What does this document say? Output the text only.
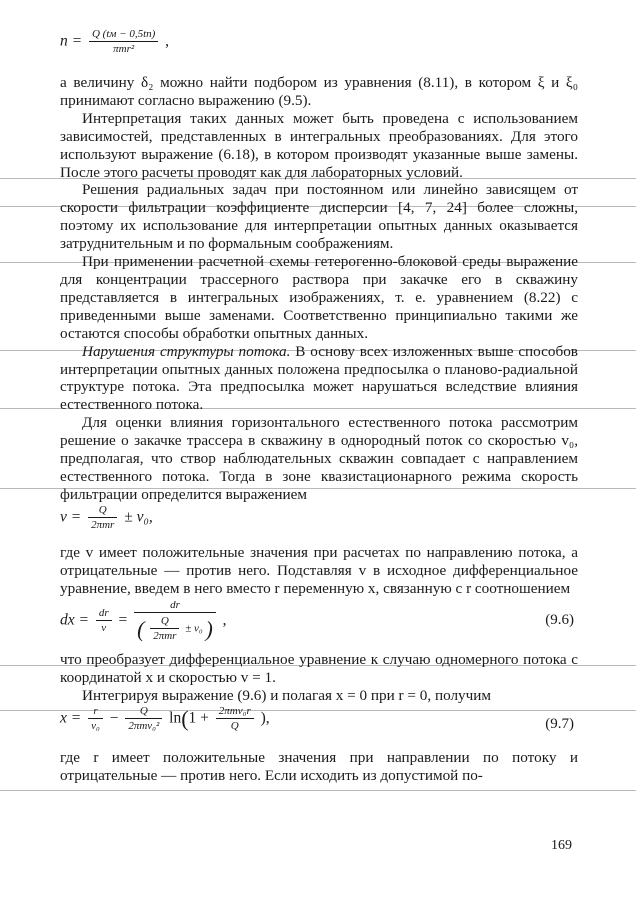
$n = \frac{Q (tм - 0,5tп)}{\text{πmr²}}$ ,

а величину δ₂ можно найти подбором из уравнения (8.11), в котором ξ и ξ₀ принимают согласно выражению (9.5).

Интерпретация таких данных может быть проведена с использованием зависимостей, представленных в интегральных преобразованиях. Для этого используют выражение (6.18), в котором производят указанные выше замены. После этого расчеты проводят как для лабораторных условий.

Решения радиальных задач при постоянном или линейно зависящем от скорости фильтрации коэффициенте дисперсии [4, 7, 24] более сложны, поэтому их использование для интерпретации опытных данных оказывается затруднительным и по формальным соображениям.

При применении расчетной схемы гетерогенно-блоковой среды выражение для концентрации трассерного раствора при закачке его в скважину представляется в интегральных изображениях, т. е. уравнением (8.22) с приведенными выше заменами. Соответственно принципиально такими же остаются способы обработки опытных данных.

Нарушения структуры потока. В основу всех изложенных выше способов интерпретации опытных данных положена предпосылка о планово-радиальной структуре потока. Эта предпосылка может нарушаться вследствие влияния естественного потока.

Для оценки влияния горизонтального естественного потока рассмотрим решение о закачке трассера в скважину в однородный поток со скоростью v₀, предполагая, что створ наблюдательных скважин совпадает с направлением естественного потока. Тогда в зоне квазистационарного режима скорость фильтрации определится выражением

$v = \frac{Q}{\text{2πmr}} \pm v_0$,

где v имеет положительные значения при расчетах по направлению потока, а отрицательные — против него. Подставляя v в исходное дифференциальное уравнение, введем в него вместо r переменную x, связанную с r соотношением

dx = $\frac{dr}{v}$ =
dr
( $\frac{Q}{\text{2πmr}} \pm v_0$ ) ,	(9.6)

что преобразует дифференциальное уравнение к случаю одномерного потока с координатой x и скоростью v = 1.

Интегрируя выражение (9.6) и полагая x = 0 при r = 0, получим

$x = \frac{r}{\text{v₀}} - \frac{Q}{\text{2πmv₀²}} \ln(1 + \frac{\text{2πmv₀r}}{Q}$ ),	(9.7)

где r имеет положительные значения при направлении по потоку и отрицательные — против него. Если исходить из допустимой по-

169
